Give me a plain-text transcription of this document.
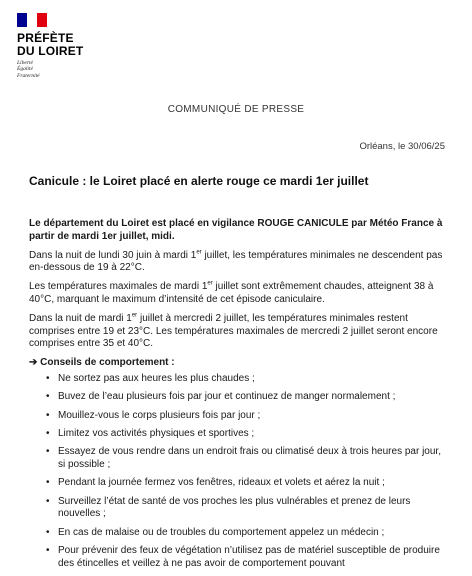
PRÉFÈTE
DU LOIRET
Liberté
Égalité
Fraternité
COMMUNIQUÉ DE PRESSE
Orléans, le 30/06/25
Canicule : le Loiret placé en alerte rouge ce mardi 1er juillet

Le département du Loiret est placé en vigilance ROUGE CANICULE par Météo France à partir de mardi 1er juillet, midi.

Dans la nuit de lundi 30 juin à mardi 1er juillet, les températures minimales ne descendent pas en-dessous de 19 à 22°C.

Les températures maximales de mardi 1er juillet sont extrêmement chaudes, atteignent 38 à 40°C, marquant le maximum d’intensité de cet épisode caniculaire.

Dans la nuit de mardi 1er juillet à mercredi 2 juillet, les températures minimales restent comprises entre 19 et 23°C. Les températures maximales de mercredi 2 juillet seront encore comprises entre 35 et 40°C.

➔ Conseils de comportement :
• Ne sortez pas aux heures les plus chaudes ;
• Buvez de l’eau plusieurs fois par jour et continuez de manger normalement ;
• Mouillez-vous le corps plusieurs fois par jour ;
• Limitez vos activités physiques et sportives ;
• Essayez de vous rendre dans un endroit frais ou climatisé deux à trois heures par jour, si possible ;
• Pendant la journée fermez vos fenêtres, rideaux et volets et aérez la nuit ;
• Surveillez l’état de santé de vos proches les plus vulnérables et prenez de leurs nouvelles ;
• En cas de malaise ou de troubles du comportement appelez un médecin ;
• Pour prévenir des feux de végétation n’utilisez pas de matériel susceptible de produire des étincelles et veillez à ne pas avoir de comportement pouvant
